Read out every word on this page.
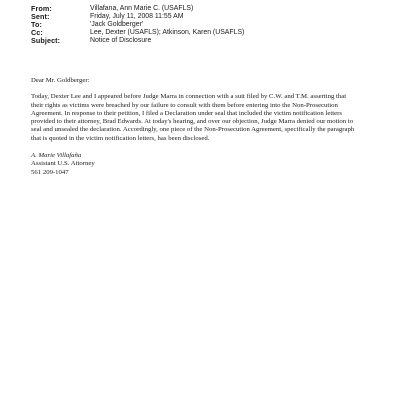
From:	Villafana, Ann Marie C. (USAFLS)
Sent:	Friday, July 11, 2008 11:55 AM
To:	'Jack Goldberger'
Cc:	Lee, Dexter (USAFLS); Atkinson, Karen (USAFLS)
Subject:	Notice of Disclosure

Dear Mr. Goldberger:

Today, Dexter Lee and I appeared before Judge Marra in connection with a suit filed by C.W. and T.M. asserting that
their rights as victims were breached by our failure to consult with them before entering into the Non-Prosecution
Agreement. In response to their petition, I filed a Declaration under seal that included the victim notification letters
provided to their attorney, Brad Edwards. At today's hearing, and over our objection, Judge Marra denied our motion to
seal and unsealed the declaration. Accordingly, one piece of the Non-Prosecution Agreement, specifically the paragraph
that is quoted in the victim notification letters, has been disclosed.

A. Marie Villafaña
Assistant U.S. Attorney
561 209-1047
